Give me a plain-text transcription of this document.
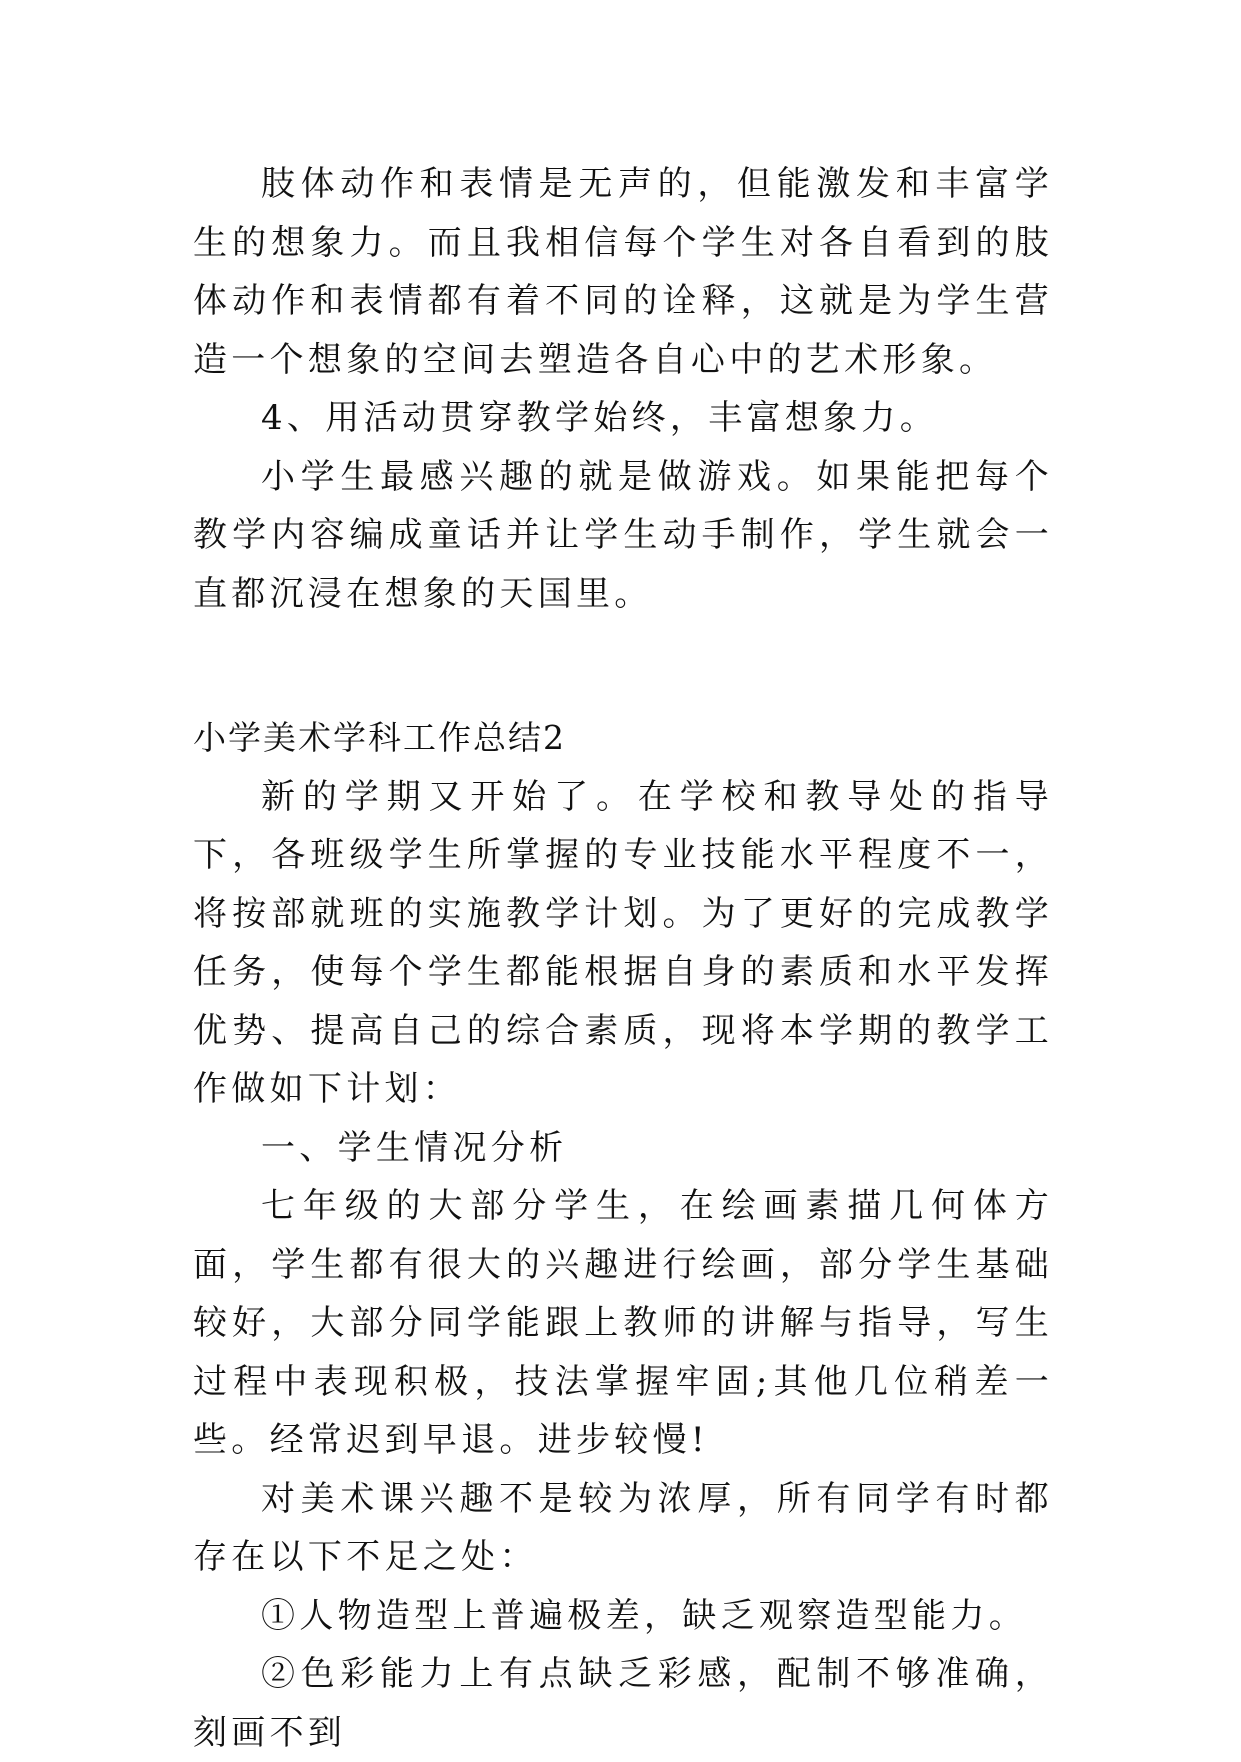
肢体动作和表情是无声的，但能激发和丰富学生的想象力。而且我相信每个学生对各自看到的肢体动作和表情都有着不同的诠释，这就是为学生营造一个想象的空间去塑造各自心中的艺术形象。

4、用活动贯穿教学始终，丰富想象力。

小学生最感兴趣的就是做游戏。如果能把每个教学内容编成童话并让学生动手制作，学生就会一直都沉浸在想象的天国里。

小学美术学科工作总结2

新的学期又开始了。在学校和教导处的指导下，各班级学生所掌握的专业技能水平程度不一，将按部就班的实施教学计划。为了更好的完成教学任务，使每个学生都能根据自身的素质和水平发挥优势、提高自己的综合素质，现将本学期的教学工作做如下计划：

一、学生情况分析

七年级的大部分学生，在绘画素描几何体方面，学生都有很大的兴趣进行绘画，部分学生基础较好，大部分同学能跟上教师的讲解与指导，写生过程中表现积极，技法掌握牢固;其他几位稍差一些。经常迟到早退。进步较慢!

对美术课兴趣不是较为浓厚，所有同学有时都存在以下不足之处：

①人物造型上普遍极差，缺乏观察造型能力。

②色彩能力上有点缺乏彩感，配制不够准确，刻画不到
